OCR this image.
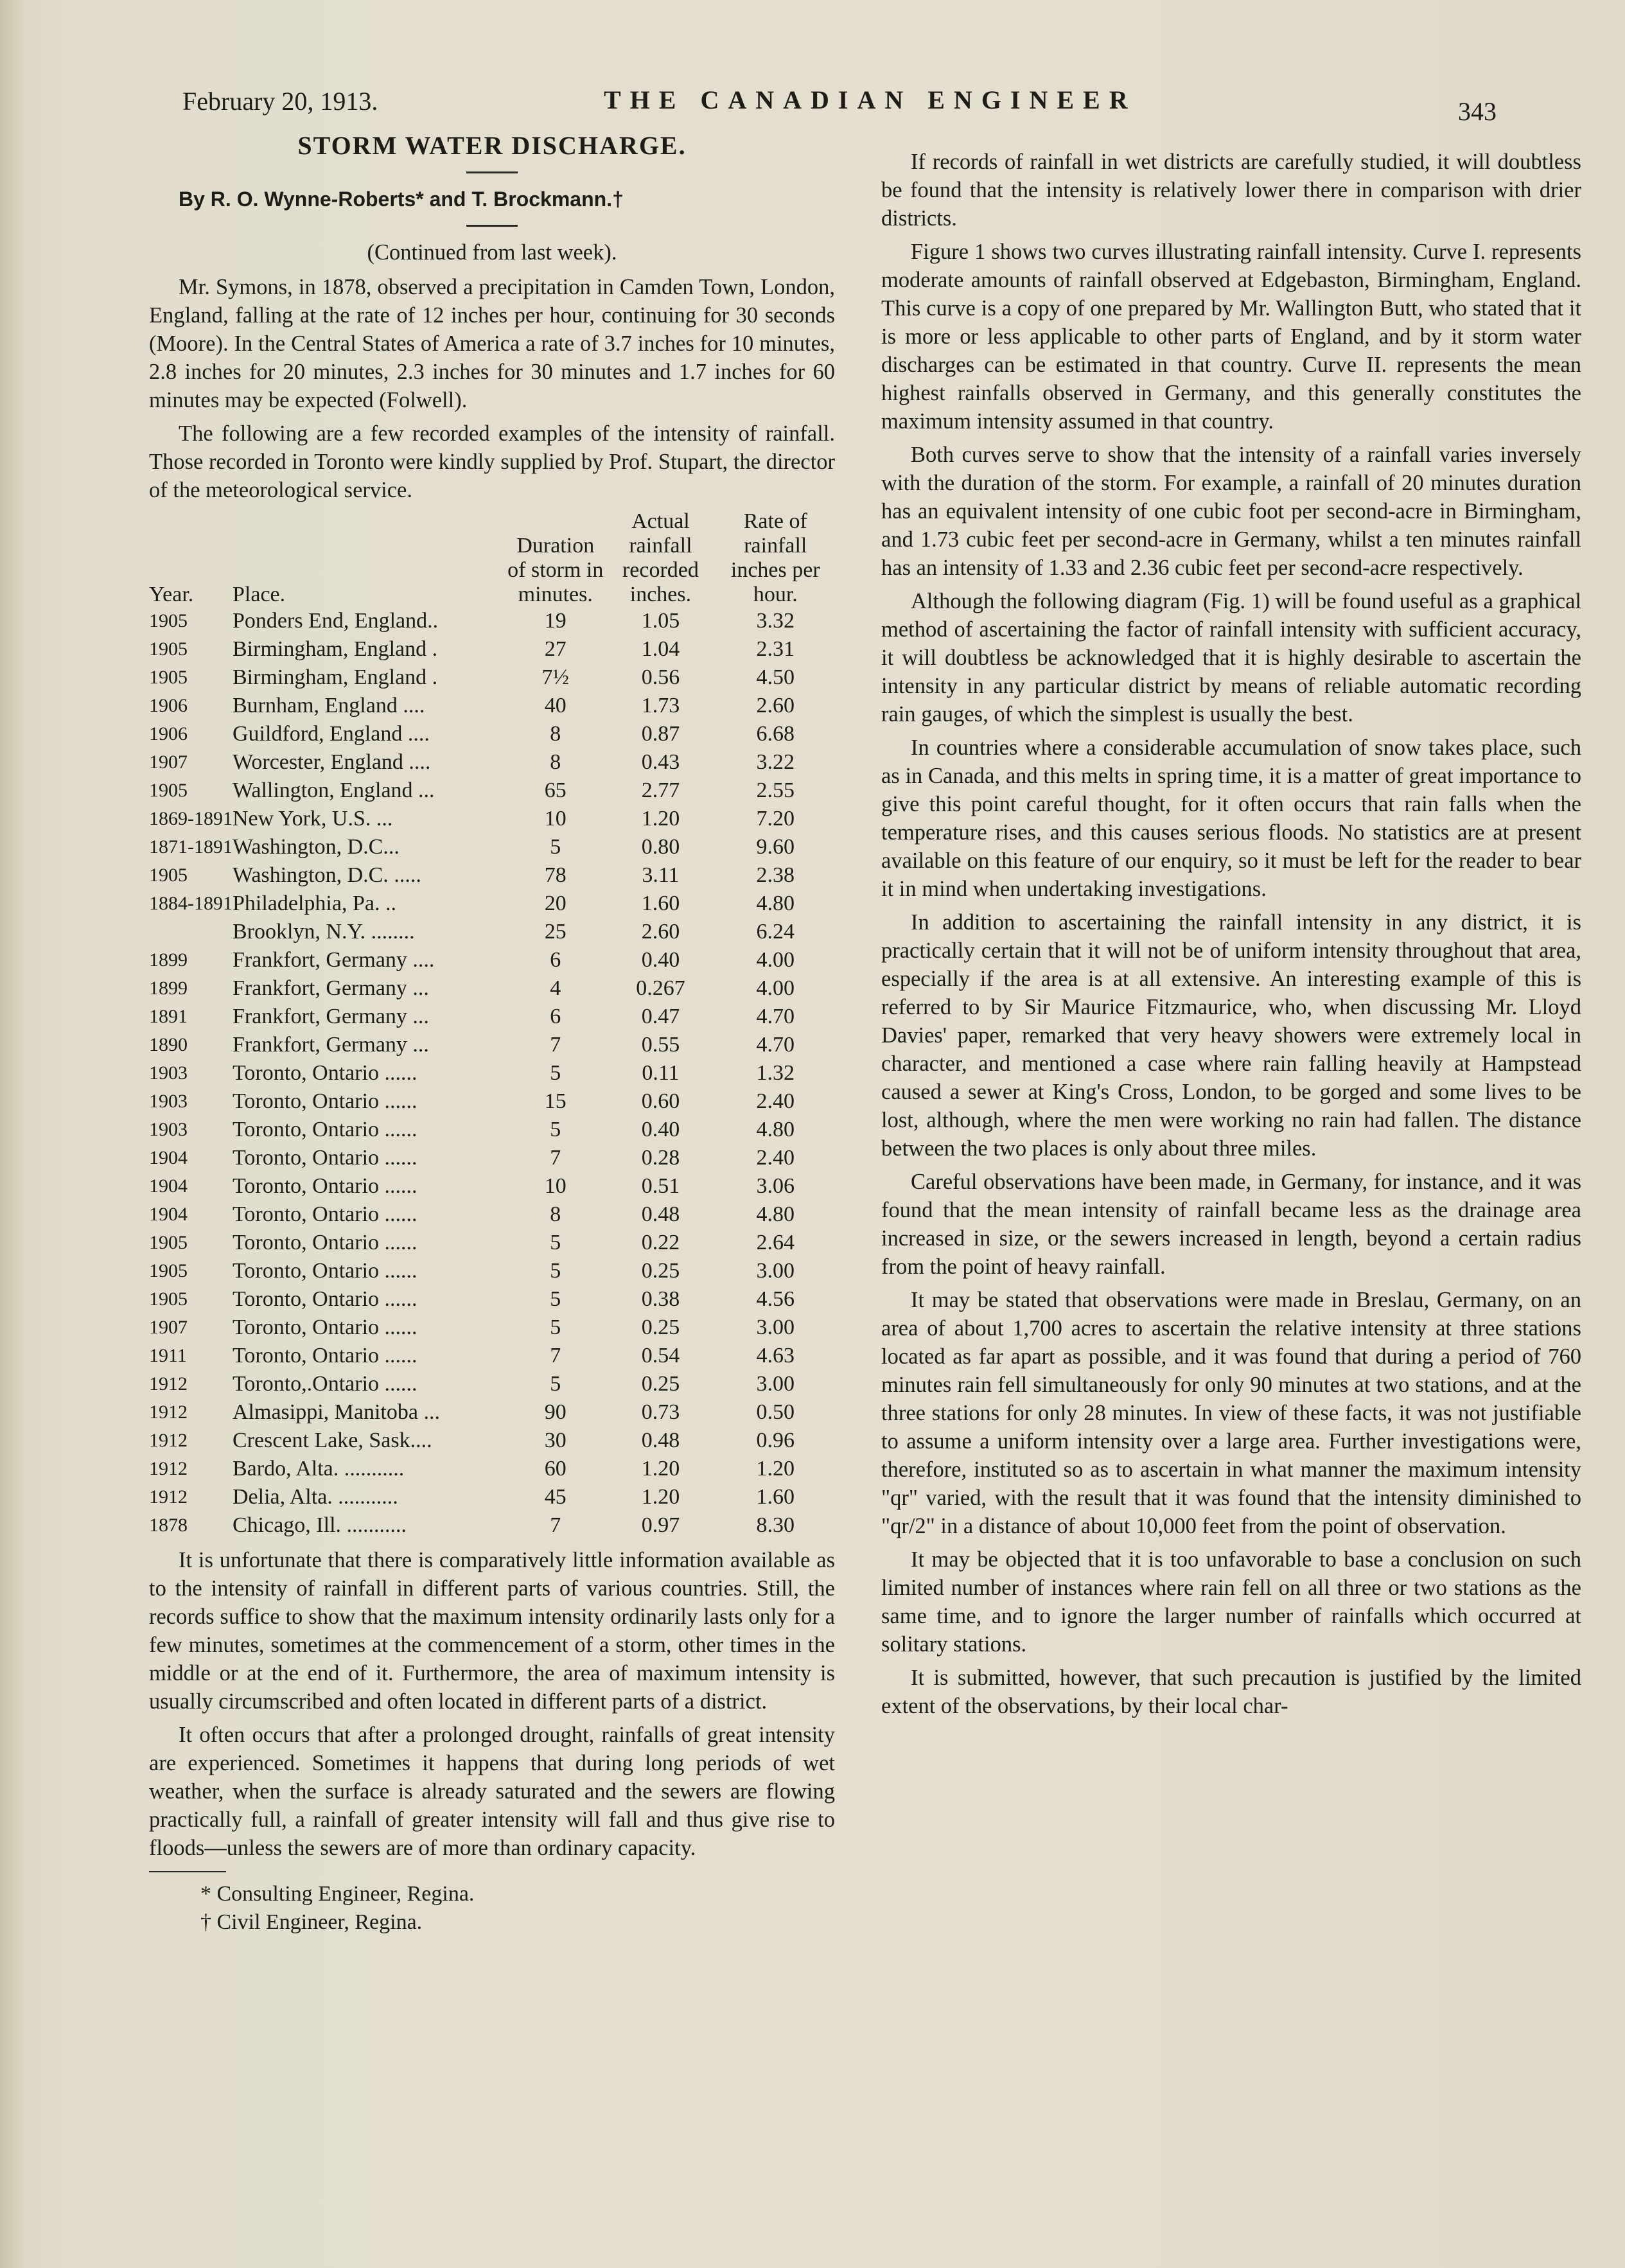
February 20, 1913.	THE CANADIAN ENGINEER	343
STORM WATER DISCHARGE.

By R. O. Wynne-Roberts* and T. Brockmann.†

(Continued from last week).

Mr. Symons, in 1878, observed a precipitation in Camden Town, London, England, falling at the rate of 12 inches per hour, continuing for 30 seconds (Moore). In the Central States of America a rate of 3.7 inches for 10 minutes, 2.8 inches for 20 minutes, 2.3 inches for 30 minutes and 1.7 inches for 60 minutes may be expected (Folwell).

The following are a few recorded examples of the intensity of rainfall. Those recorded in Toronto were kindly supplied by Prof. Stupart, the director of the meteorological service.

Year.	Place.	Duration of storm in minutes.	Actual rainfall recorded inches.	Rate of rainfall inches per hour.
1905	Ponders End, England..	19	1.05	3.32
1905	Birmingham, England .	27	1.04	2.31
1905	Birmingham, England .	7½	0.56	4.50
1906	Burnham, England ....	40	1.73	2.60
1906	Guildford, England ....	8	0.87	6.68
1907	Worcester, England ....	8	0.43	3.22
1905	Wallington, England ...	65	2.77	2.55
1869-1891	New York, U.S. ...	10	1.20	7.20
1871-1891	Washington, D.C...	5	0.80	9.60
1905	Washington, D.C. .....	78	3.11	2.38
1884-1891	Philadelphia, Pa. ..	20	1.60	4.80
	Brooklyn, N.Y. ........	25	2.60	6.24
1899	Frankfort, Germany ....	6	0.40	4.00
1899	Frankfort, Germany ...	4	0.267	4.00
1891	Frankfort, Germany ...	6	0.47	4.70
1890	Frankfort, Germany ...	7	0.55	4.70
1903	Toronto, Ontario ......	5	0.11	1.32
1903	Toronto, Ontario ......	15	0.60	2.40
1903	Toronto, Ontario ......	5	0.40	4.80
1904	Toronto, Ontario ......	7	0.28	2.40
1904	Toronto, Ontario ......	10	0.51	3.06
1904	Toronto, Ontario ......	8	0.48	4.80
1905	Toronto, Ontario ......	5	0.22	2.64
1905	Toronto, Ontario ......	5	0.25	3.00
1905	Toronto, Ontario ......	5	0.38	4.56
1907	Toronto, Ontario ......	5	0.25	3.00
1911	Toronto, Ontario ......	7	0.54	4.63
1912	Toronto,.Ontario ......	5	0.25	3.00
1912	Almasippi, Manitoba ...	90	0.73	0.50
1912	Crescent Lake, Sask....	30	0.48	0.96
1912	Bardo, Alta. ...........	60	1.20	1.20
1912	Delia, Alta. ...........	45	1.20	1.60
1878	Chicago, Ill. ...........	7	0.97	8.30

It is unfortunate that there is comparatively little information available as to the intensity of rainfall in different parts of various countries. Still, the records suffice to show that the maximum intensity ordinarily lasts only for a few minutes, sometimes at the commencement of a storm, other times in the middle or at the end of it. Furthermore, the area of maximum intensity is usually circumscribed and often located in different parts of a district.

It often occurs that after a prolonged drought, rainfalls of great intensity are experienced. Sometimes it happens that during long periods of wet weather, when the surface is already saturated and the sewers are flowing practically full, a rainfall of greater intensity will fall and thus give rise to floods—unless the sewers are of more than ordinary capacity.

* Consulting Engineer, Regina.
† Civil Engineer, Regina.

If records of rainfall in wet districts are carefully studied, it will doubtless be found that the intensity is relatively lower there in comparison with drier districts.

Figure 1 shows two curves illustrating rainfall intensity. Curve I. represents moderate amounts of rainfall observed at Edgebaston, Birmingham, England. This curve is a copy of one prepared by Mr. Wallington Butt, who stated that it is more or less applicable to other parts of England, and by it storm water discharges can be estimated in that country. Curve II. represents the mean highest rainfalls observed in Germany, and this generally constitutes the maximum intensity assumed in that country.

Both curves serve to show that the intensity of a rainfall varies inversely with the duration of the storm. For example, a rainfall of 20 minutes duration has an equivalent intensity of one cubic foot per second-acre in Birmingham, and 1.73 cubic feet per second-acre in Germany, whilst a ten minutes rainfall has an intensity of 1.33 and 2.36 cubic feet per second-acre respectively.

Although the following diagram (Fig. 1) will be found useful as a graphical method of ascertaining the factor of rainfall intensity with sufficient accuracy, it will doubtless be acknowledged that it is highly desirable to ascertain the intensity in any particular district by means of reliable automatic recording rain gauges, of which the simplest is usually the best.

In countries where a considerable accumulation of snow takes place, such as in Canada, and this melts in spring time, it is a matter of great importance to give this point careful thought, for it often occurs that rain falls when the temperature rises, and this causes serious floods. No statistics are at present available on this feature of our enquiry, so it must be left for the reader to bear it in mind when undertaking investigations.

In addition to ascertaining the rainfall intensity in any district, it is practically certain that it will not be of uniform intensity throughout that area, especially if the area is at all extensive. An interesting example of this is referred to by Sir Maurice Fitzmaurice, who, when discussing Mr. Lloyd Davies' paper, remarked that very heavy showers were extremely local in character, and mentioned a case where rain falling heavily at Hampstead caused a sewer at King's Cross, London, to be gorged and some lives to be lost, although, where the men were working no rain had fallen. The distance between the two places is only about three miles.

Careful observations have been made, in Germany, for instance, and it was found that the mean intensity of rainfall became less as the drainage area increased in size, or the sewers increased in length, beyond a certain radius from the point of heavy rainfall.

It may be stated that observations were made in Breslau, Germany, on an area of about 1,700 acres to ascertain the relative intensity at three stations located as far apart as possible, and it was found that during a period of 760 minutes rain fell simultaneously for only 90 minutes at two stations, and at the three stations for only 28 minutes. In view of these facts, it was not justifiable to assume a uniform intensity over a large area. Further investigations were, therefore, instituted so as to ascertain in what manner the maximum intensity "qr" varied, with the result that it was found that the intensity diminished to "qr/2" in a distance of about 10,000 feet from the point of observation.

It may be objected that it is too unfavorable to base a conclusion on such limited number of instances where rain fell on all three or two stations as the same time, and to ignore the larger number of rainfalls which occurred at solitary stations.

It is submitted, however, that such precaution is justified by the limited extent of the observations, by their local char-
